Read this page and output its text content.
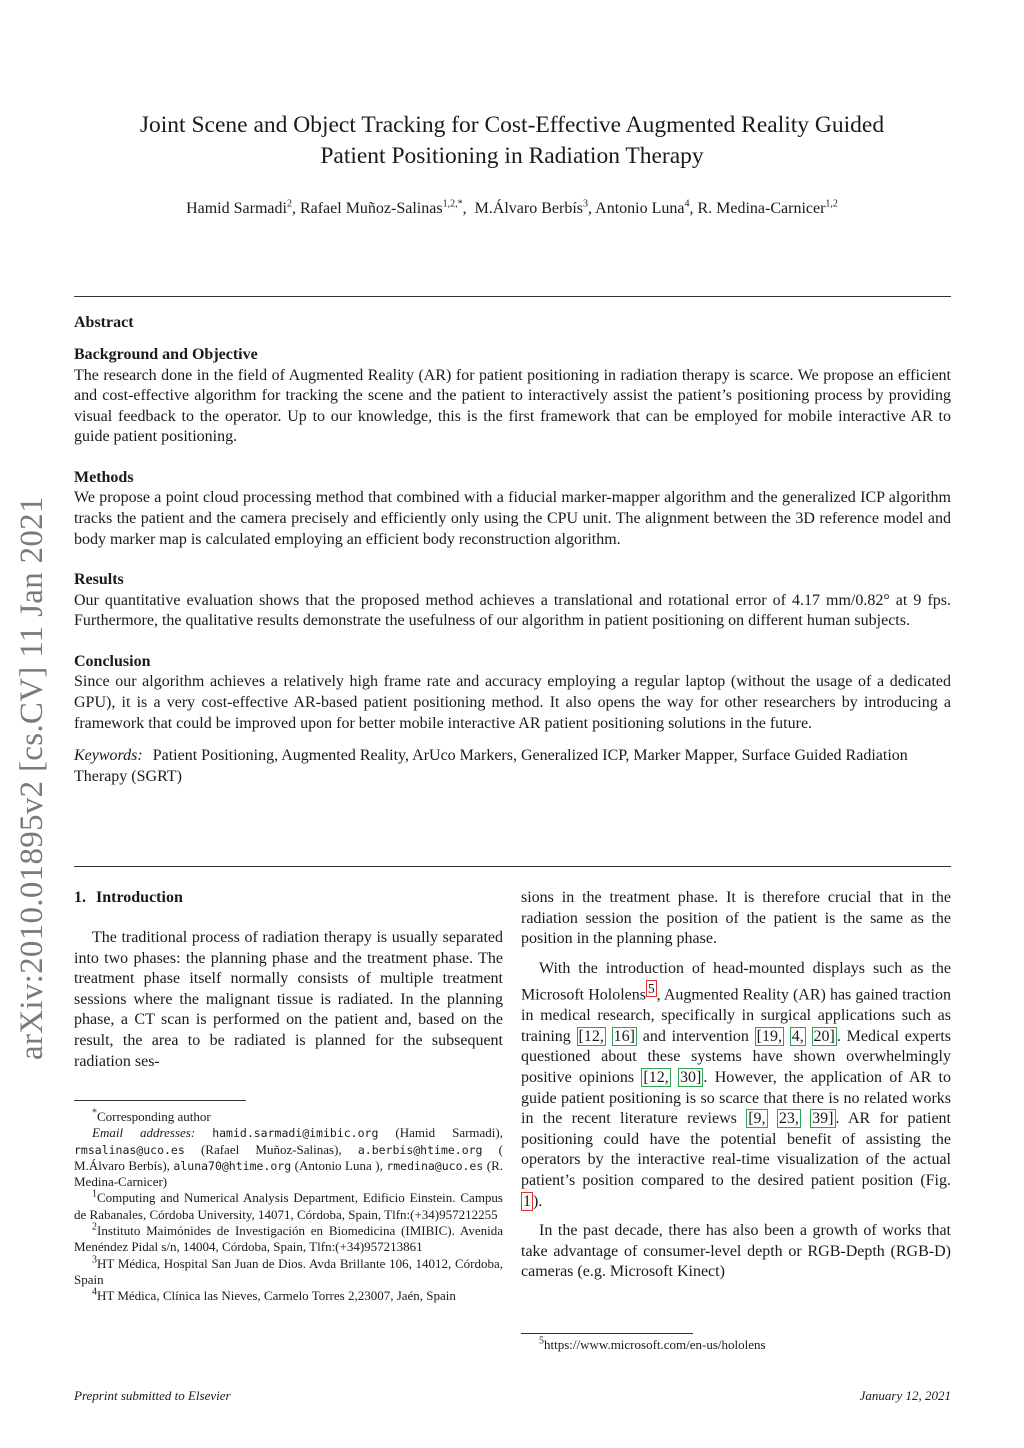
arXiv:2010.01895v2 [cs.CV] 11 Jan 2021
Joint Scene and Object Tracking for Cost-Effective Augmented Reality Guided
Patient Positioning in Radiation Therapy
Hamid Sarmadi$^2$, Rafael Muñoz-Salinas$^{1,2,*}$,  M.Álvaro Berbís$^3$, Antonio Luna$^4$, R. Medina-Carnicer$^{1,2}$
Abstract
Background and Objective
The research done in the field of Augmented Reality (AR) for patient positioning in radiation therapy is scarce. We propose an efficient and cost-effective algorithm for tracking the scene and the patient to interactively assist the patient’s positioning process by providing visual feedback to the operator. Up to our knowledge, this is the first framework that can be employed for mobile interactive AR to guide patient positioning.
Methods
We propose a point cloud processing method that combined with a fiducial marker-mapper algorithm and the generalized ICP algorithm tracks the patient and the camera precisely and efficiently only using the CPU unit. The alignment between the 3D reference model and body marker map is calculated employing an efficient body reconstruction algorithm.
Results
Our quantitative evaluation shows that the proposed method achieves a translational and rotational error of 4.17 mm/0.82° at 9 fps. Furthermore, the qualitative results demonstrate the usefulness of our algorithm in patient positioning on different human subjects.
Conclusion
Since our algorithm achieves a relatively high frame rate and accuracy employing a regular laptop (without the usage of a dedicated GPU), it is a very cost-effective AR-based patient positioning method. It also opens the way for other researchers by introducing a framework that could be improved upon for better mobile interactive AR patient positioning solutions in the future.
Keywords: Patient Positioning, Augmented Reality, ArUco Markers, Generalized ICP, Marker Mapper, Surface Guided Radiation Therapy (SGRT)
1. Introduction

The traditional process of radiation therapy is usually separated into two phases: the planning phase and the treatment phase. The treatment phase itself normally consists of multiple treatment sessions where the malignant tissue is radiated. In the planning phase, a CT scan is performed on the patient and, based on the result, the area to be radiated is planned for the subsequent radiation ses-

*Corresponding author

Email addresses: hamid.sarmadi@imibic.org (Hamid Sarmadi), rmsalinas@uco.es (Rafael Muñoz-Salinas), a.berbis@htime.org ( M.Álvaro Berbís), aluna70@htime.org (Antonio Luna ), rmedina@uco.es (R. Medina-Carnicer)

$^1$Computing and Numerical Analysis Department, Edificio Einstein. Campus de Rabanales, Córdoba University, 14071, Córdoba, Spain, Tlfn:(+34)957212255

$^2$Instituto Maimónides de Investigación en Biomedicina (IMIBIC). Avenida Menéndez Pidal s/n, 14004, Córdoba, Spain, Tlfn:(+34)957213861

$^3$HT Médica, Hospital San Juan de Dios. Avda Brillante 106, 14012, Córdoba, Spain

$^4$HT Médica, Clínica las Nieves, Carmelo Torres 2,23007, Jaén, Spain

sions in the treatment phase. It is therefore crucial that in the radiation session the position of the patient is the same as the position in the planning phase.

With the introduction of head-mounted displays such as the Microsoft Hololens $^5$ , Augmented Reality (AR) has gained traction in medical research, specifically in surgical applications such as training [12, 16] and intervention [19, 4, 20] . Medical experts questioned about these systems have shown overwhelmingly positive opinions [12, 30] . However, the application of AR to guide patient positioning is so scarce that there is no related works in the recent literature reviews [9, 23, 39] . AR for patient positioning could have the potential benefit of assisting the operators by the interactive real-time visualization of the actual patient’s position compared to the desired patient position (Fig. 1 ).

In the past decade, there has also been a growth of works that take advantage of consumer-level depth or RGB-Depth (RGB-D) cameras (e.g. Microsoft Kinect)

$^5$https://www.microsoft.com/en-us/hololens
Preprint submitted to Elsevier	January 12, 2021
